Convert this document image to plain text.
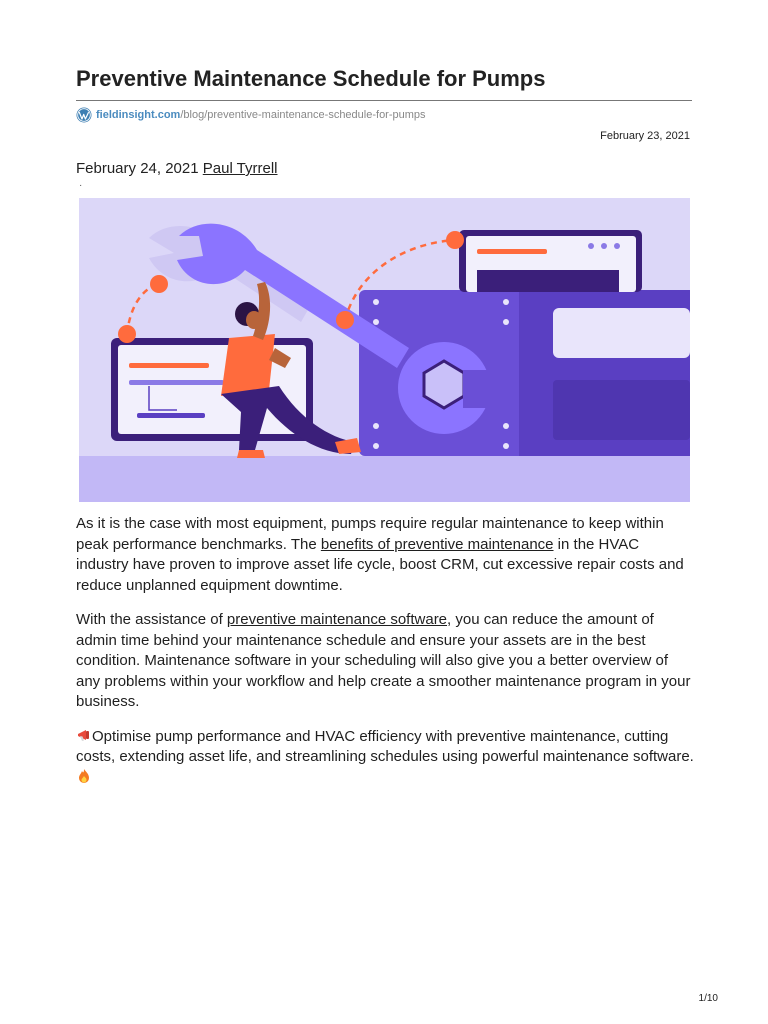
Preventive Maintenance Schedule for Pumps
fieldinsight.com /blog/preventive-maintenance-schedule-for-pumps
February 23, 2021
February 24, 2021 Paul Tyrrell
·

As it is the case with most equipment, pumps require regular maintenance to keep within peak performance benchmarks. The benefits of preventive maintenance in the HVAC industry have proven to improve asset life cycle, boost CRM, cut excessive repair costs and reduce unplanned equipment downtime.

With the assistance of preventive maintenance software, you can reduce the amount of admin time behind your maintenance schedule and ensure your assets are in the best condition. Maintenance software in your scheduling will also give you a better overview of any problems within your workflow and help create a smoother maintenance program in your business.

Optimise pump performance and HVAC efficiency with preventive maintenance, cutting costs, extending asset life, and streamlining schedules using powerful maintenance software.

1/10
